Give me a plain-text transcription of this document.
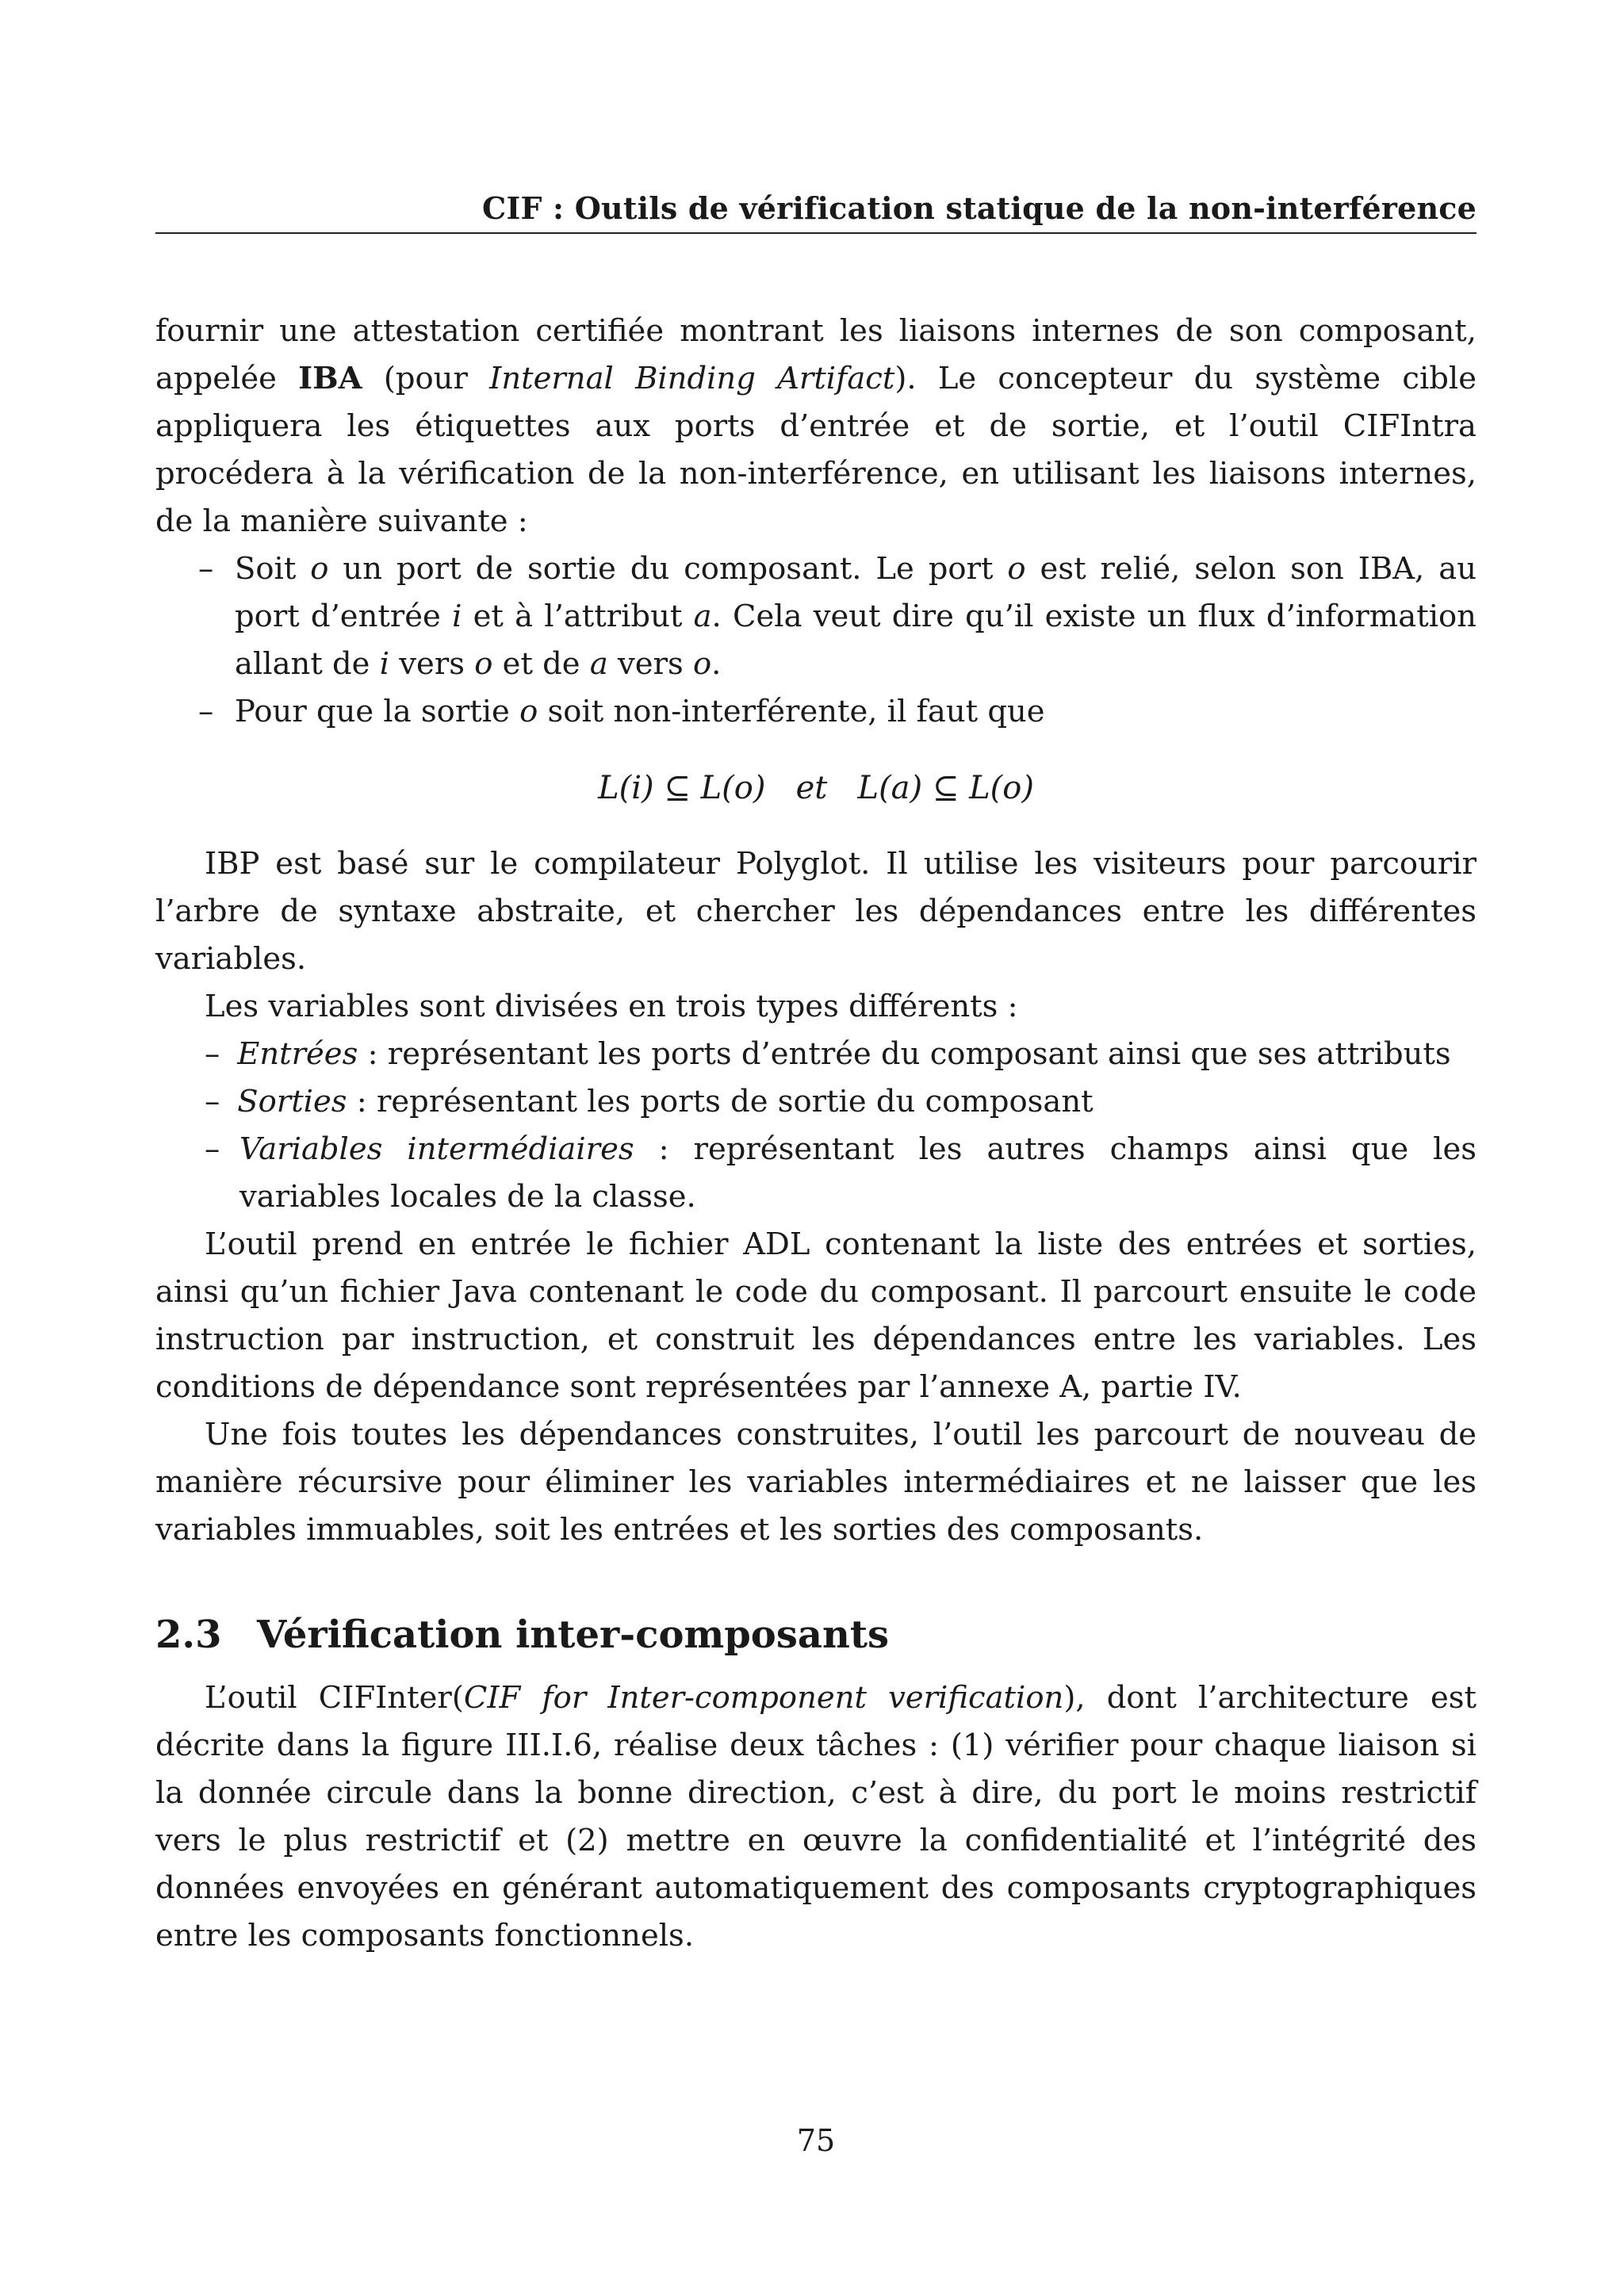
CIF : Outils de vérification statique de la non-interférence

fournir une attestation certifiée montrant les liaisons internes de son composant, appelée IBA (pour Internal Binding Artifact). Le concepteur du système cible appliquera les étiquettes aux ports d’entrée et de sortie, et l’outil CIFIntra procédera à la vérification de la non-interférence, en utilisant les liaisons internes, de la manière suivante :

– Soit o un port de sortie du composant. Le port o est relié, selon son IBA, au port d’entrée i et à l’attribut a. Cela veut dire qu’il existe un flux d’information allant de i vers o et de a vers o.
– Pour que la sortie o soit non-interférente, il faut que
L(i) ⊆ L(o) et L(a) ⊆ L(o)

IBP est basé sur le compilateur Polyglot. Il utilise les visiteurs pour parcourir l’arbre de syntaxe abstraite, et chercher les dépendances entre les différentes variables.

Les variables sont divisées en trois types différents :

– Entrées : représentant les ports d’entrée du composant ainsi que ses attributs
– Sorties : représentant les ports de sortie du composant
– Variables intermédiaires : représentant les autres champs ainsi que les variables locales de la classe.

L’outil prend en entrée le fichier ADL contenant la liste des entrées et sorties, ainsi qu’un fichier Java contenant le code du composant. Il parcourt ensuite le code instruction par instruction, et construit les dépendances entre les variables. Les conditions de dépendance sont représentées par l’annexe A, partie IV.

Une fois toutes les dépendances construites, l’outil les parcourt de nouveau de manière récursive pour éliminer les variables intermédiaires et ne laisser que les variables immuables, soit les entrées et les sorties des composants.

2.3 Vérification inter-composants

L’outil CIFInter(CIF for Inter-component verification), dont l’architecture est décrite dans la figure III.I.6, réalise deux tâches : (1) vérifier pour chaque liaison si la donnée circule dans la bonne direction, c’est à dire, du port le moins restrictif vers le plus restrictif et (2) mettre en œuvre la confidentialité et l’intégrité des données envoyées en générant automatiquement des composants cryptographiques entre les composants fonctionnels.

75
